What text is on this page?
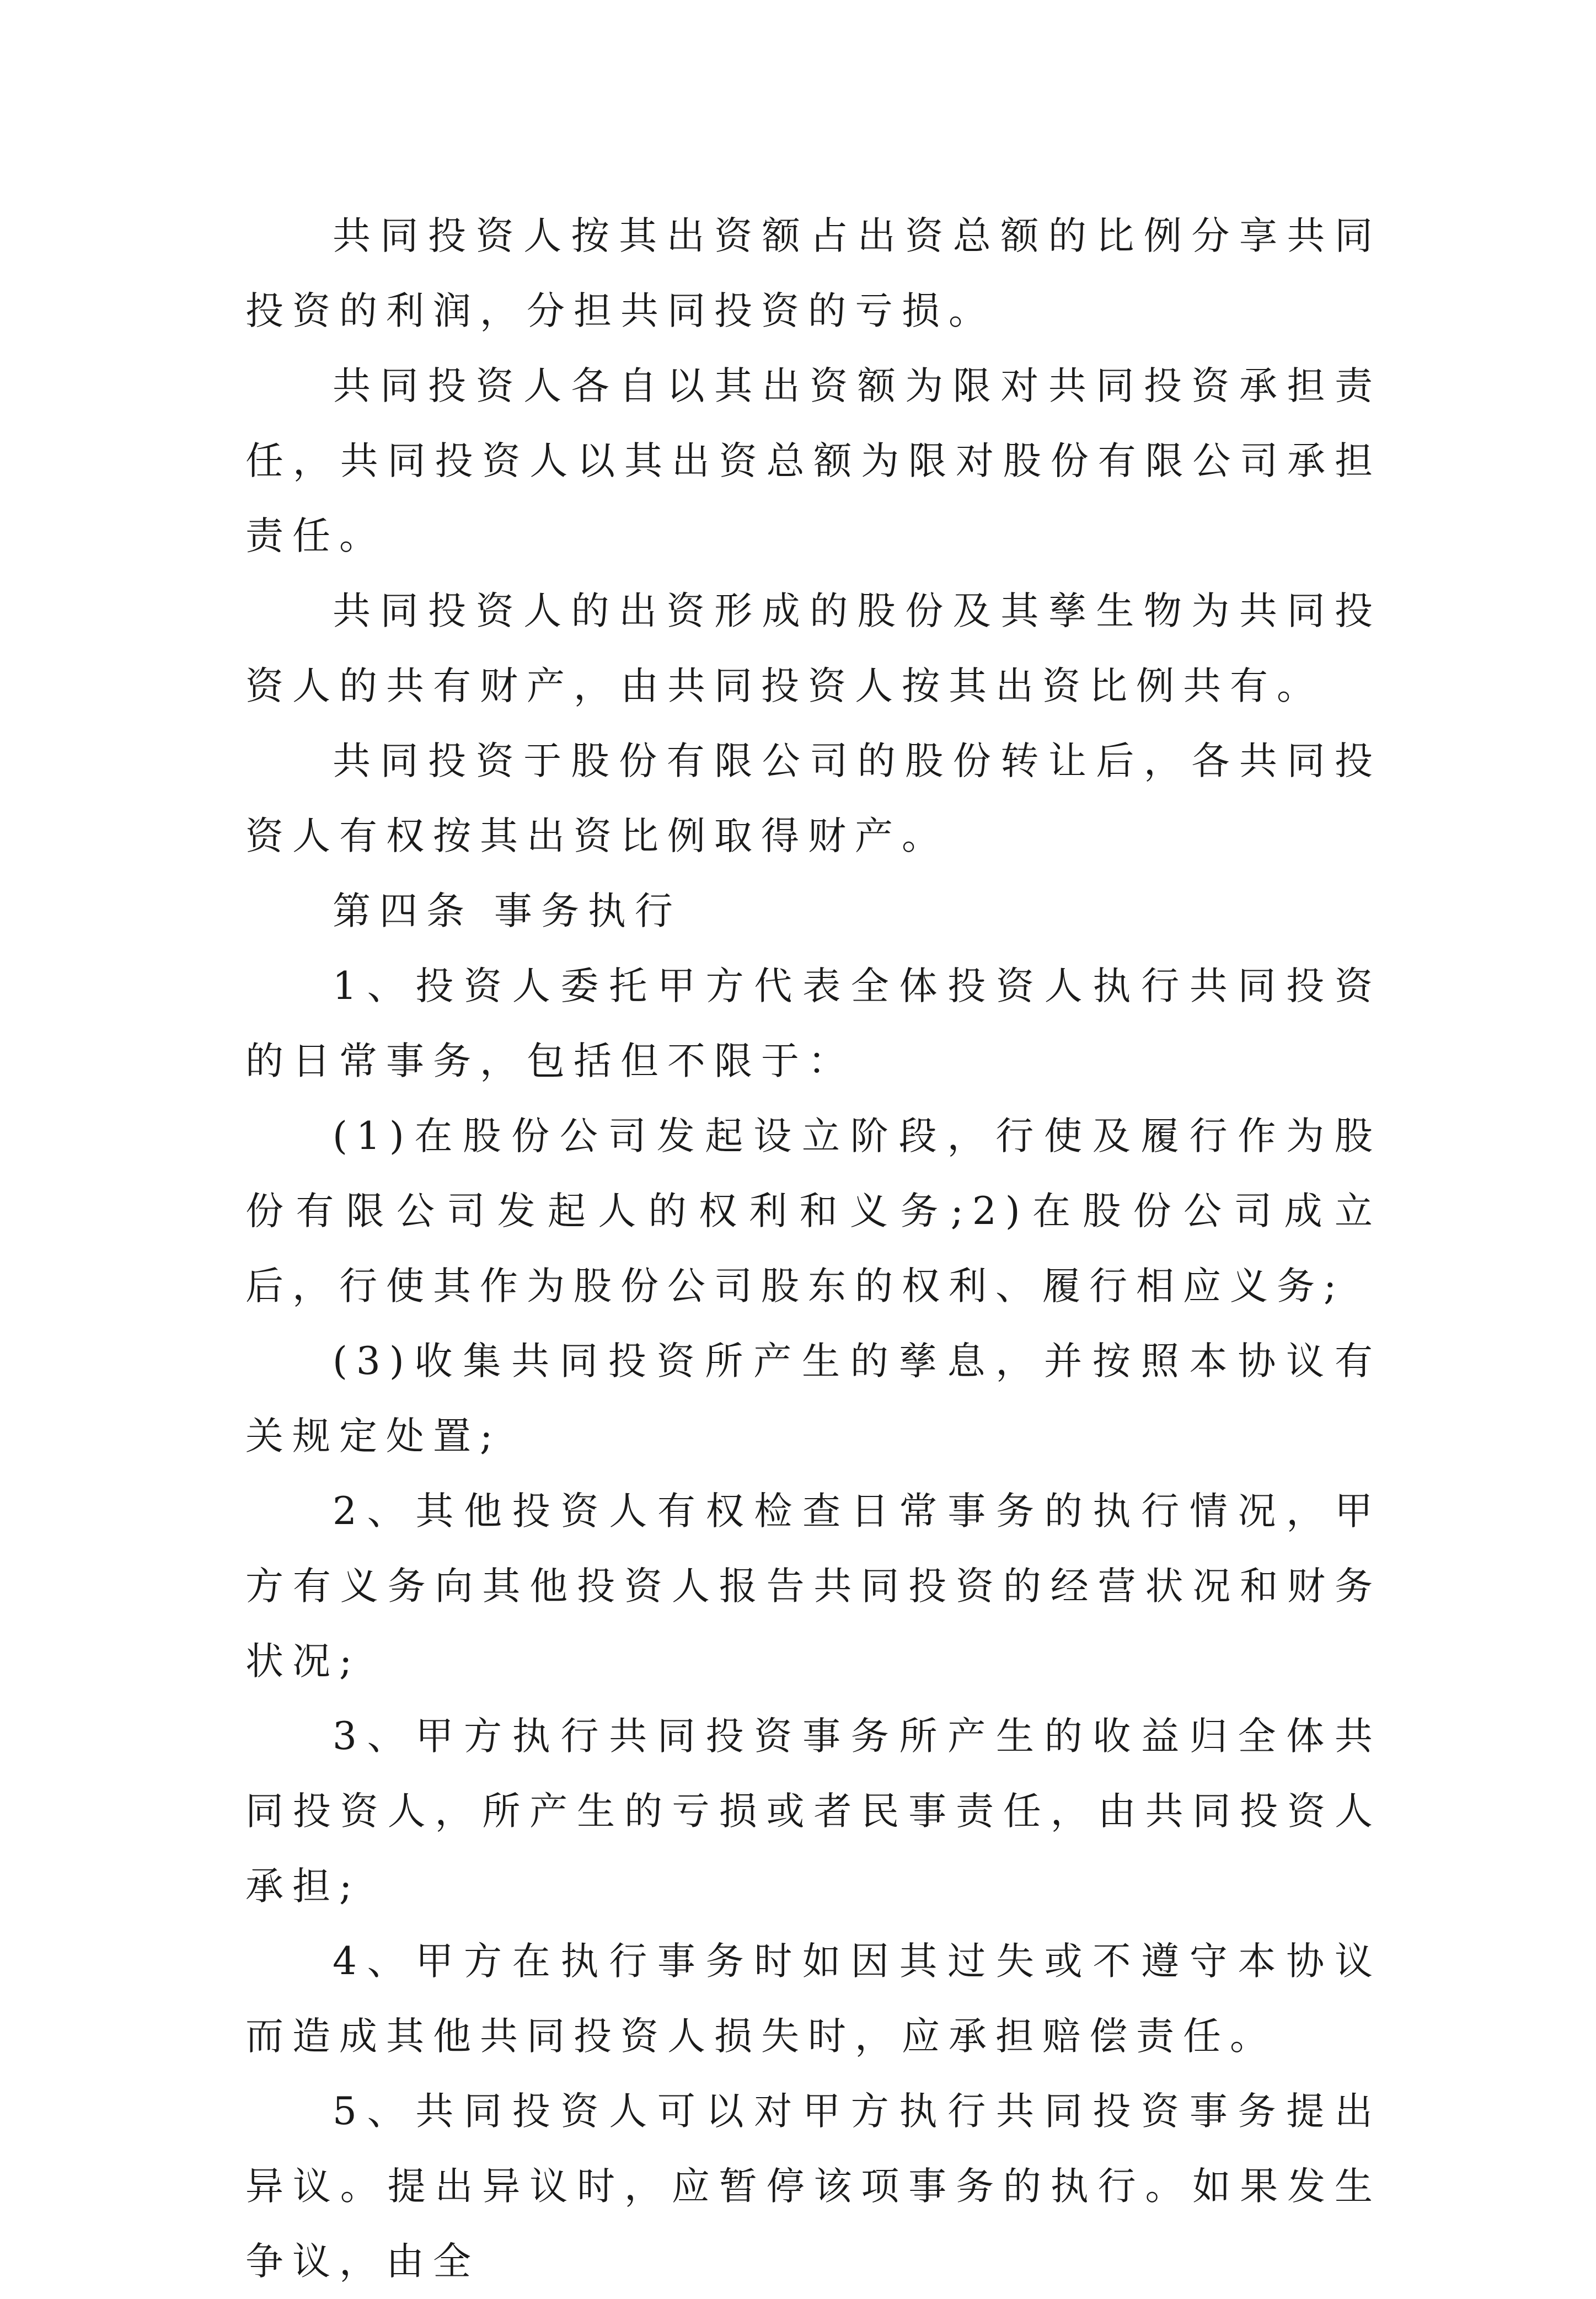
共同投资人按其出资额占出资总额的比例分享共同投资的利润，分担共同投资的亏损。

共同投资人各自以其出资额为限对共同投资承担责任，共同投资人以其出资总额为限对股份有限公司承担责任。

共同投资人的出资形成的股份及其孳生物为共同投资人的共有财产，由共同投资人按其出资比例共有。

共同投资于股份有限公司的股份转让后，各共同投资人有权按其出资比例取得财产。

第四条 事务执行

1、投资人委托甲方代表全体投资人执行共同投资的日常事务，包括但不限于：

(1)在股份公司发起设立阶段，行使及履行作为股份有限公司发起人的权利和义务;2)在股份公司成立后，行使其作为股份公司股东的权利、履行相应义务;

(3)收集共同投资所产生的孳息，并按照本协议有关规定处置;

2、其他投资人有权检查日常事务的执行情况，甲方有义务向其他投资人报告共同投资的经营状况和财务状况;

3、甲方执行共同投资事务所产生的收益归全体共同投资人，所产生的亏损或者民事责任，由共同投资人承担;

4、甲方在执行事务时如因其过失或不遵守本协议而造成其他共同投资人损失时，应承担赔偿责任。

5、共同投资人可以对甲方执行共同投资事务提出异议。提出异议时，应暂停该项事务的执行。如果发生争议，由全
